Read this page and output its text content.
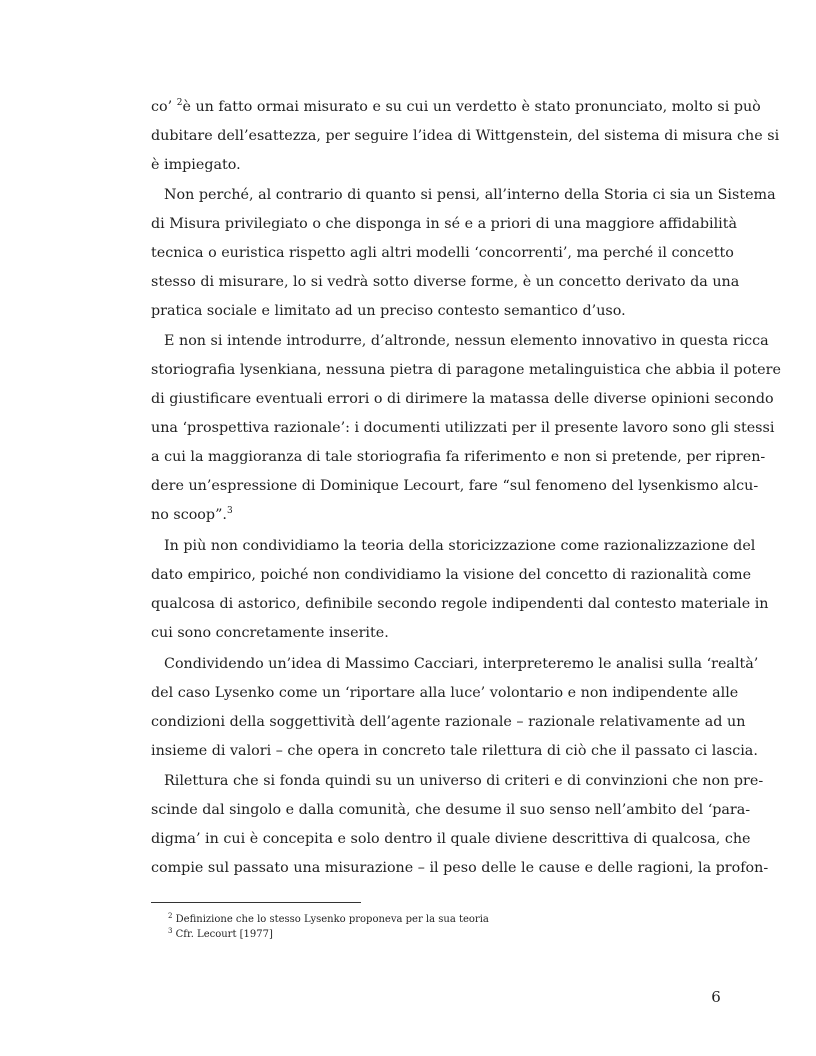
co’ $^2$è un fatto ormai misurato e su cui un verdetto è stato pronunciato, molto si può
dubitare dell’esattezza, per seguire l’idea di Wittgenstein, del sistema di misura che si
è impiegato.
Non perché, al contrario di quanto si pensi, all’interno della Storia ci sia un Sistema
di Misura privilegiato o che disponga in sé e a priori di una maggiore affidabilità
tecnica o euristica rispetto agli altri modelli ‘concorrenti’, ma perché il concetto
stesso di misurare, lo si vedrà sotto diverse forme, è un concetto derivato da una
pratica sociale e limitato ad un preciso contesto semantico d’uso.
E non si intende introdurre, d’altronde, nessun elemento innovativo in questa ricca
storiografia lysenkiana, nessuna pietra di paragone metalinguistica che abbia il potere
di giustificare eventuali errori o di dirimere la matassa delle diverse opinioni secondo
una ‘prospettiva razionale’: i documenti utilizzati per il presente lavoro sono gli stessi
a cui la maggioranza di tale storiografia fa riferimento e non si pretende, per ripren-
dere un’espressione di Dominique Lecourt, fare “sul fenomeno del lysenkismo alcu-
no scoop”.$^3$
In più non condividiamo la teoria della storicizzazione come razionalizzazione del
dato empirico, poiché non condividiamo la visione del concetto di razionalità come
qualcosa di astorico, definibile secondo regole indipendenti dal contesto materiale in
cui sono concretamente inserite.
Condividendo un’idea di Massimo Cacciari, interpreteremo le analisi sulla ‘realtà’
del caso Lysenko come un ‘riportare alla luce’ volontario e non indipendente alle
condizioni della soggettività dell’agente razionale – razionale relativamente ad un
insieme di valori – che opera in concreto tale rilettura di ciò che il passato ci lascia.
Rilettura che si fonda quindi su un universo di criteri e di convinzioni che non pre-
scinde dal singolo e dalla comunità, che desume il suo senso nell’ambito del ‘para-
digma’ in cui è concepita e solo dentro il quale diviene descrittiva di qualcosa, che
compie sul passato una misurazione – il peso delle le cause e delle ragioni, la profon-
$^2$ Definizione che lo stesso Lysenko proponeva per la sua teoria
$^3$ Cfr. Lecourt [1977]
6
